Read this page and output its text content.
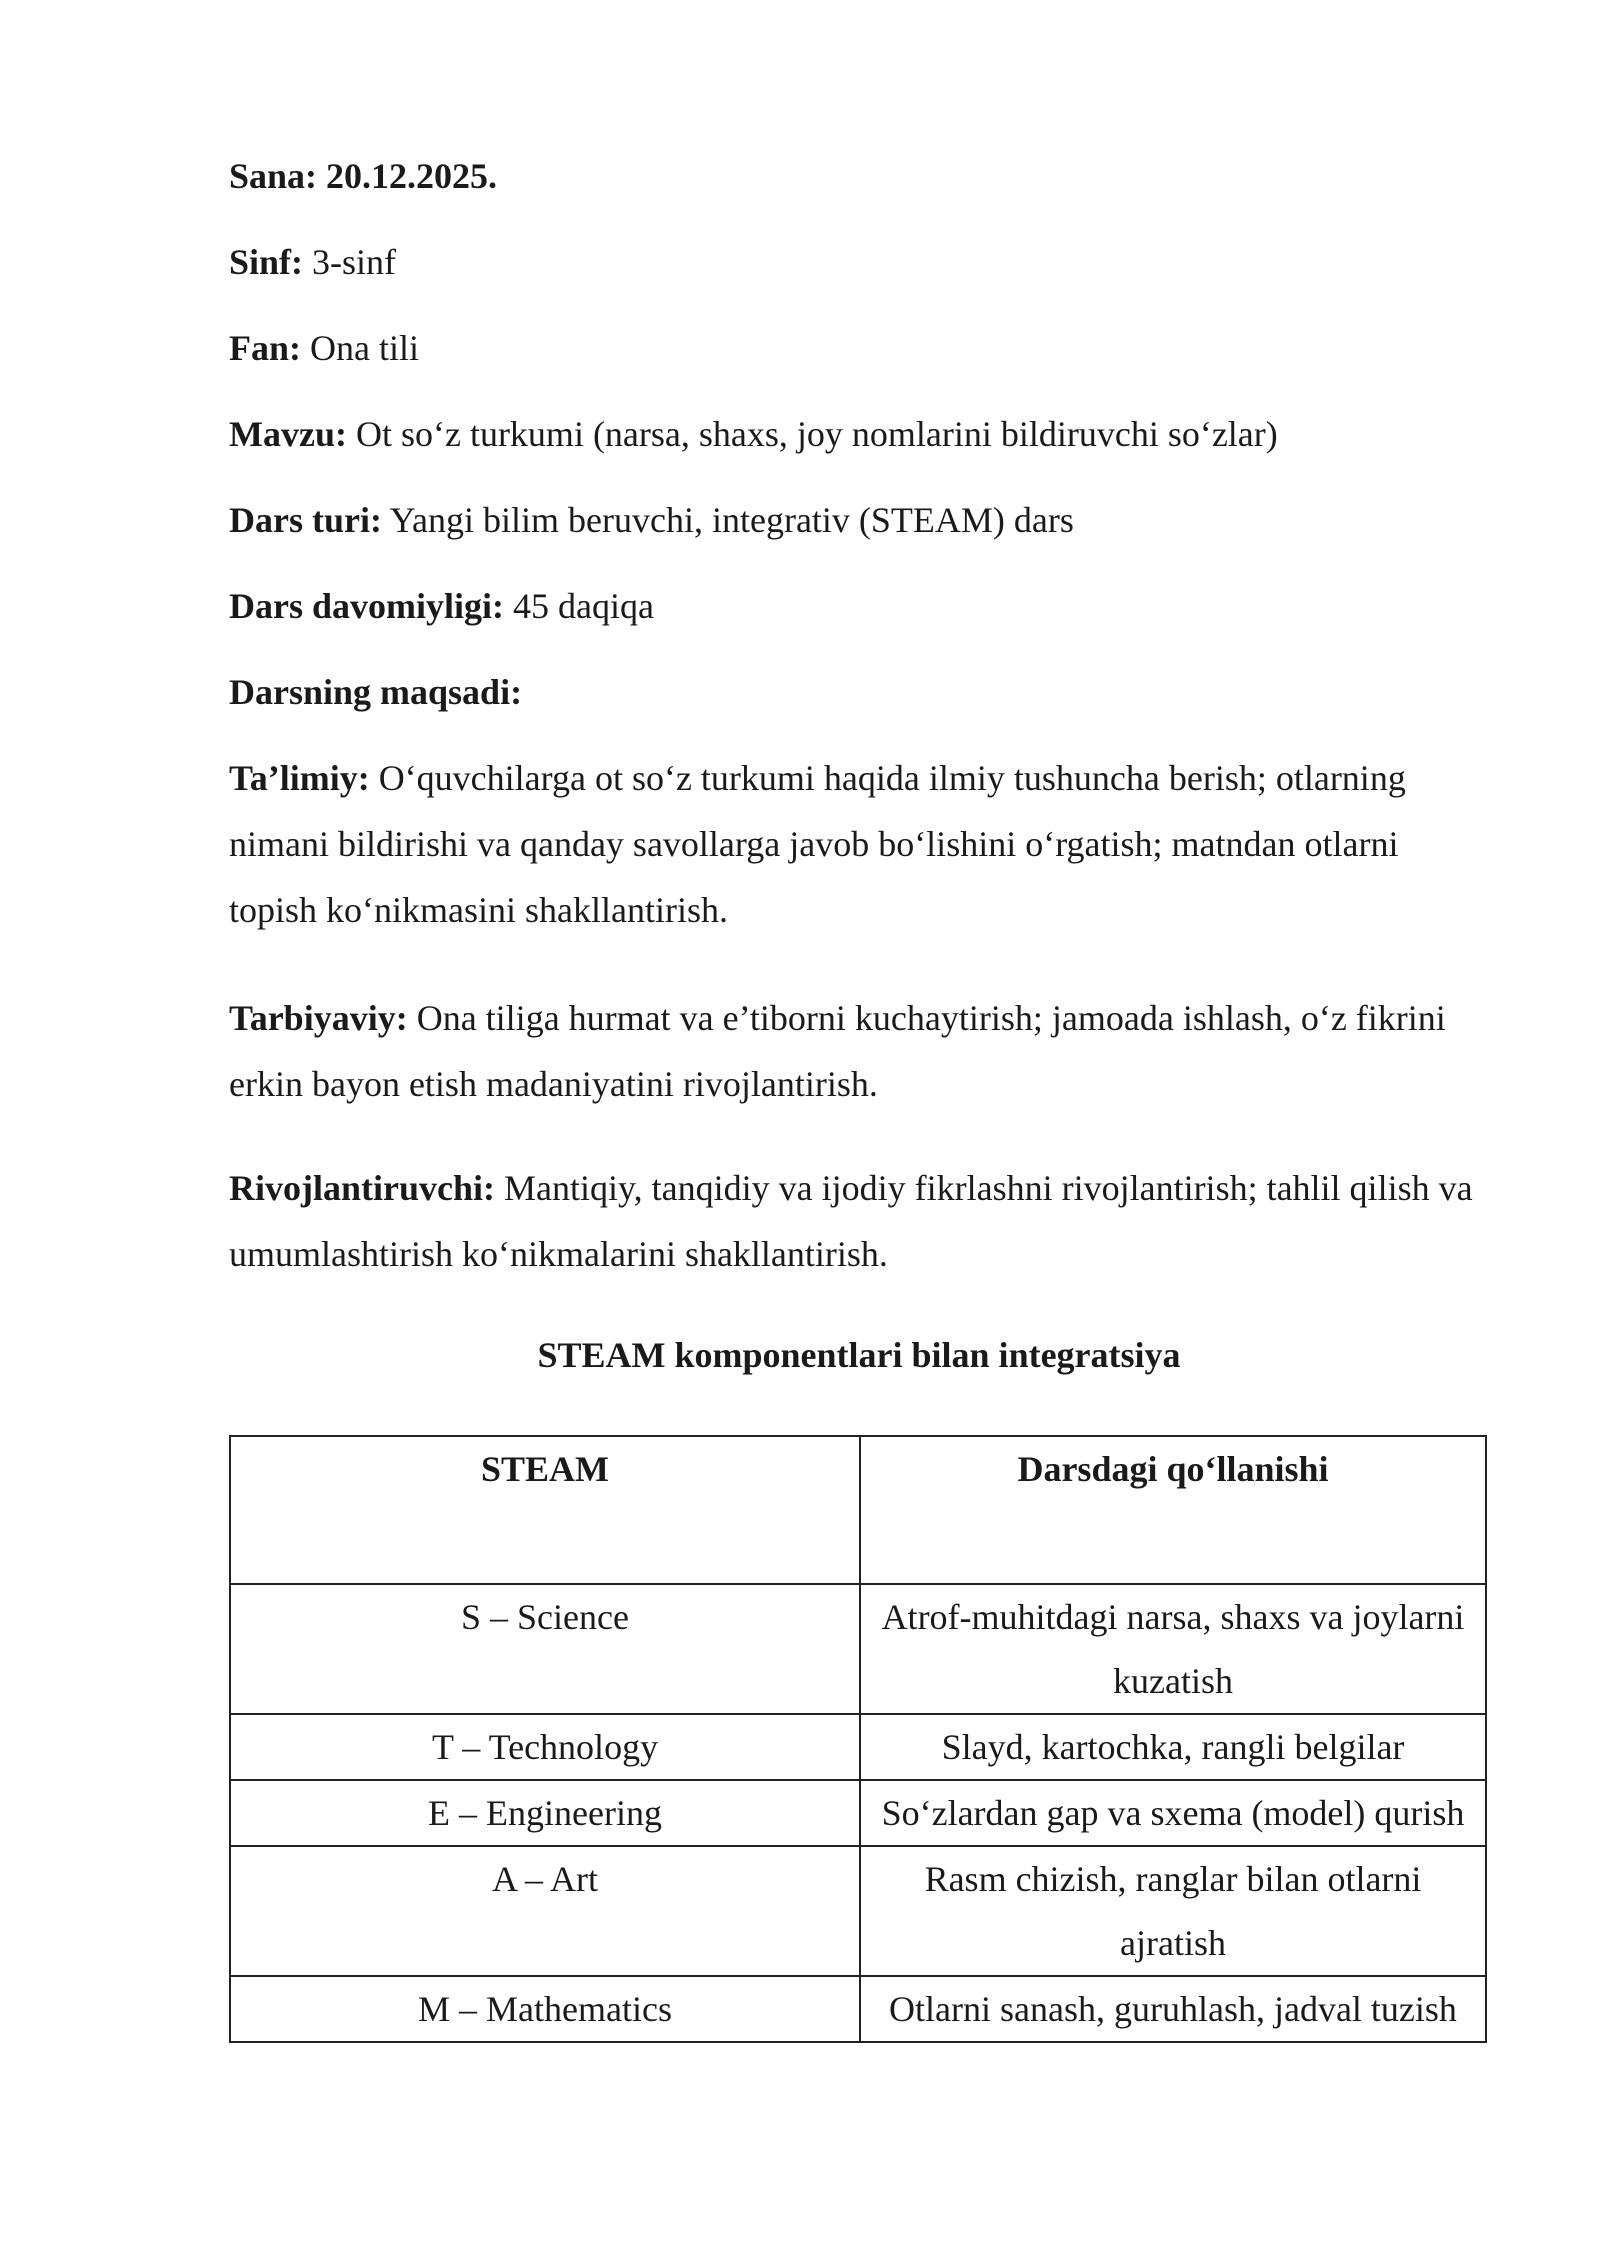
Sana: 20.12.2025.
Sinf: 3-sinf
Fan: Ona tili
Mavzu: Ot so‘z turkumi (narsa, shaxs, joy nomlarini bildiruvchi so‘zlar)
Dars turi: Yangi bilim beruvchi, integrativ (STEAM) dars
Dars davomiyligi: 45 daqiqa
Darsning maqsadi:
Ta’limiy: O‘quvchilarga ot so‘z turkumi haqida ilmiy tushuncha berish; otlarning nimani bildirishi va qanday savollarga javob bo‘lishini o‘rgatish; matndan otlarni topish ko‘nikmasini shakllantirish.
Tarbiyaviy: Ona tiliga hurmat va e’tiborni kuchaytirish; jamoada ishlash, o‘z fikrini erkin bayon etish madaniyatini rivojlantirish.
Rivojlantiruvchi: Mantiqiy, tanqidiy va ijodiy fikrlashni rivojlantirish; tahlil qilish va umumlashtirish ko‘nikmalarini shakllantirish.
STEAM komponentlari bilan integratsiya
STEAM	Darsdagi qo‘llanishi
S – Science	Atrof-muhitdagi narsa, shaxs va joylarni kuzatish
T – Technology	Slayd, kartochka, rangli belgilar
E – Engineering	So‘zlardan gap va sxema (model) qurish
A – Art	Rasm chizish, ranglar bilan otlarni ajratish
M – Mathematics	Otlarni sanash, guruhlash, jadval tuzish
